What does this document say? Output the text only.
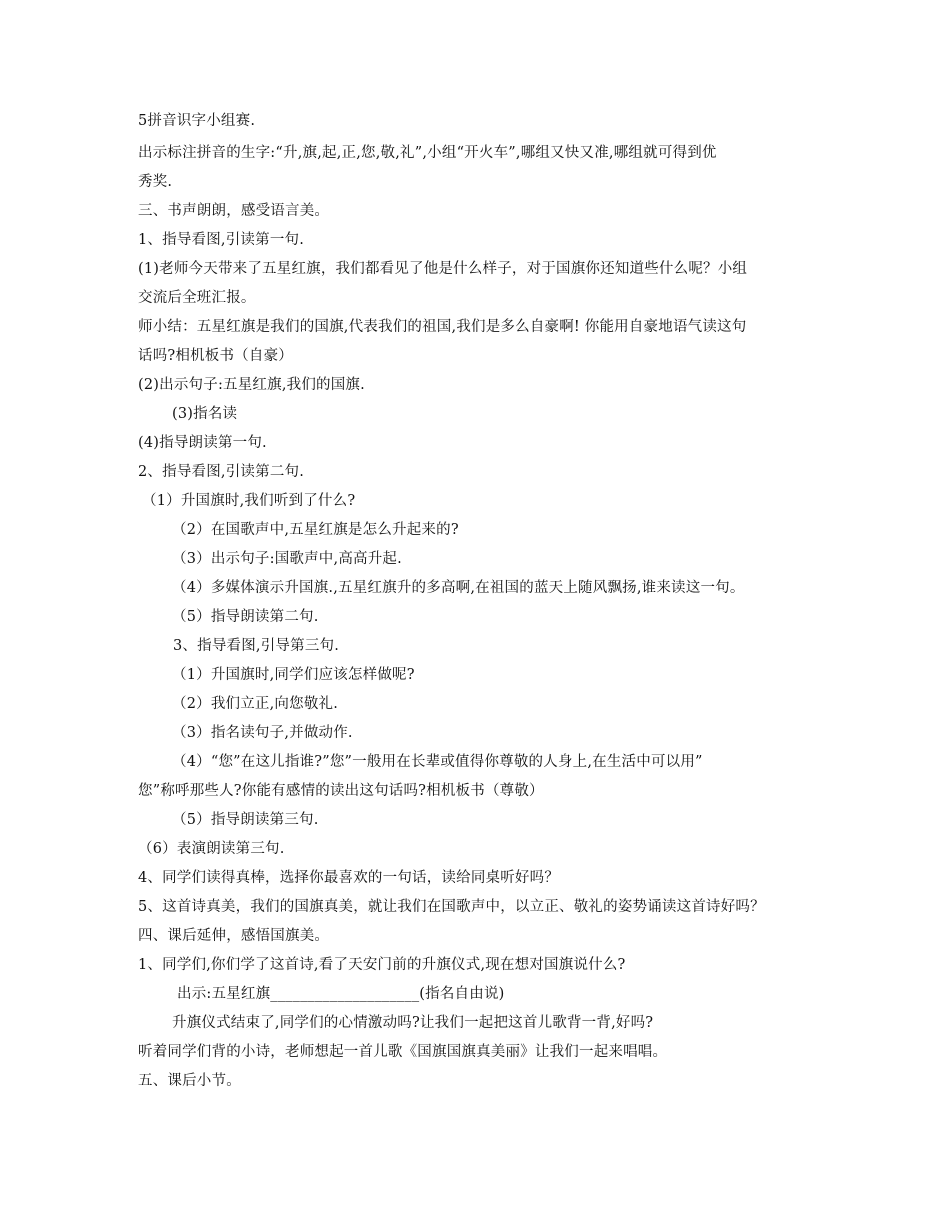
5拼音识字小组赛.
出示标注拼音的生字:“升,旗,起,正,您,敬,礼”,小组“开火车”,哪组又快又准,哪组就可得到优
秀奖.
三、书声朗朗，感受语言美。
1、指导看图,引读第一句.
(1)老师今天带来了五星红旗，我们都看见了他是什么样子，对于国旗你还知道些什么呢？小组
交流后全班汇报。
师小结：五星红旗是我们的国旗,代表我们的祖国,我们是多么自豪啊! 你能用自豪地语气读这句
话吗?相机板书（自豪）
(2)出示句子:五星红旗,我们的国旗.
(3)指名读
(4)指导朗读第一句.
2、指导看图,引读第二句.
（1）升国旗时,我们听到了什么?
（2）在国歌声中,五星红旗是怎么升起来的?
（3）出示句子:国歌声中,高高升起.
（4）多媒体演示升国旗.,五星红旗升的多高啊,在祖国的蓝天上随风飘扬,谁来读这一句。
（5）指导朗读第二句.
3、指导看图,引导第三句.
（1）升国旗时,同学们应该怎样做呢?
（2）我们立正,向您敬礼.
（3）指名读句子,并做动作.
（4）“您”在这儿指谁?”您”一般用在长辈或值得你尊敬的人身上,在生活中可以用”
您”称呼那些人?你能有感情的读出这句话吗?相机板书（尊敬）
（5）指导朗读第三句.
（6）表演朗读第三句.
4、同学们读得真棒，选择你最喜欢的一句话，读给同桌听好吗？
5、这首诗真美，我们的国旗真美，就让我们在国歌声中，以立正、敬礼的姿势诵读这首诗好吗？
四、课后延伸，感悟国旗美。
1、同学们,你们学了这首诗,看了天安门前的升旗仪式,现在想对国旗说什么?
出示:五星红旗____________________(指名自由说)
升旗仪式结束了,同学们的心情激动吗?让我们一起把这首儿歌背一背,好吗?
听着同学们背的小诗，老师想起一首儿歌《国旗国旗真美丽》让我们一起来唱唱。
五、课后小节。
